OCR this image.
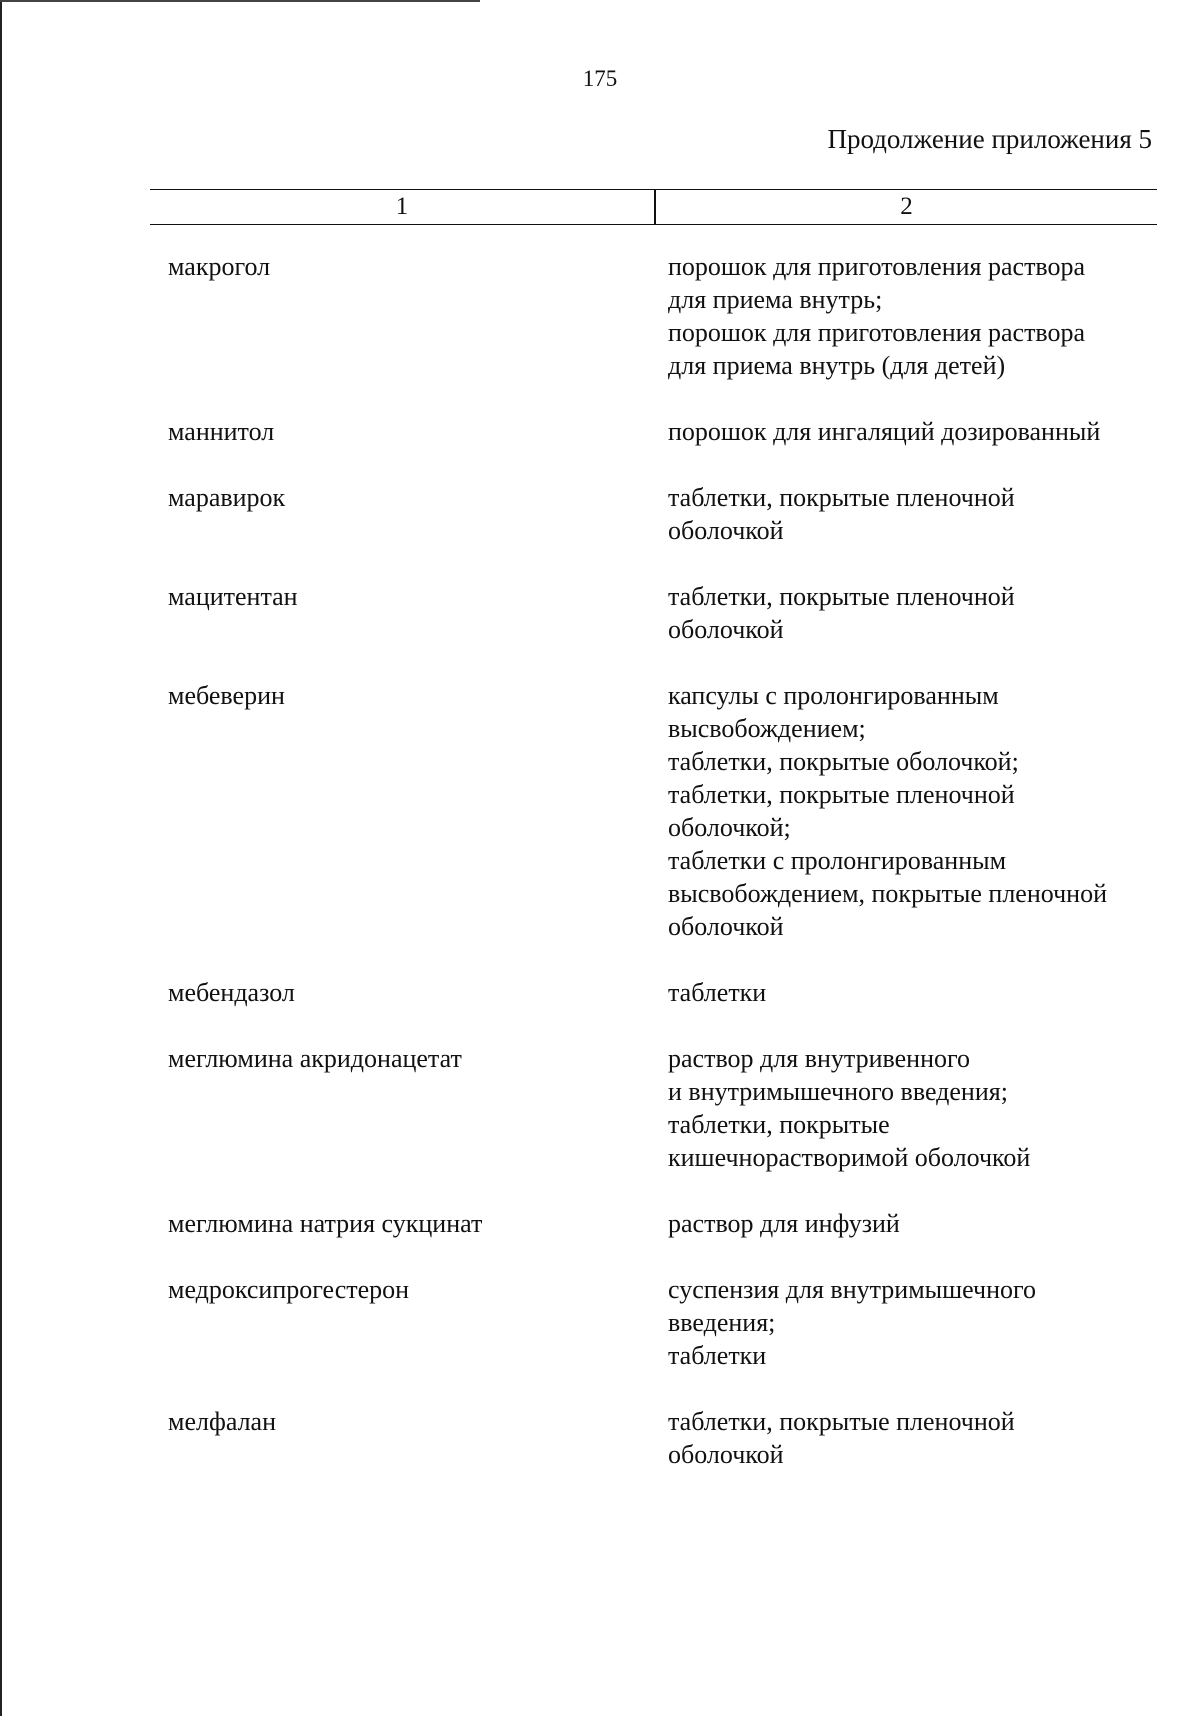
175
Продолжение приложения 5
1	2
макрогол	порошок для приготовления раствора
для приема внутрь;
порошок для приготовления раствора
для приема внутрь (для детей)
маннитол	порошок для ингаляций дозированный
маравирок	таблетки, покрытые пленочной
оболочкой
мацитентан	таблетки, покрытые пленочной
оболочкой
мебеверин	капсулы с пролонгированным
высвобождением;
таблетки, покрытые оболочкой;
таблетки, покрытые пленочной
оболочкой;
таблетки с пролонгированным
высвобождением, покрытые пленочной
оболочкой
мебендазол	таблетки
меглюмина акридонацетат	раствор для внутривенного
и внутримышечного введения;
таблетки, покрытые
кишечнорастворимой оболочкой
меглюмина натрия сукцинат	раствор для инфузий
медроксипрогестерон	суспензия для внутримышечного
введения;
таблетки
мелфалан	таблетки, покрытые пленочной
оболочкой
